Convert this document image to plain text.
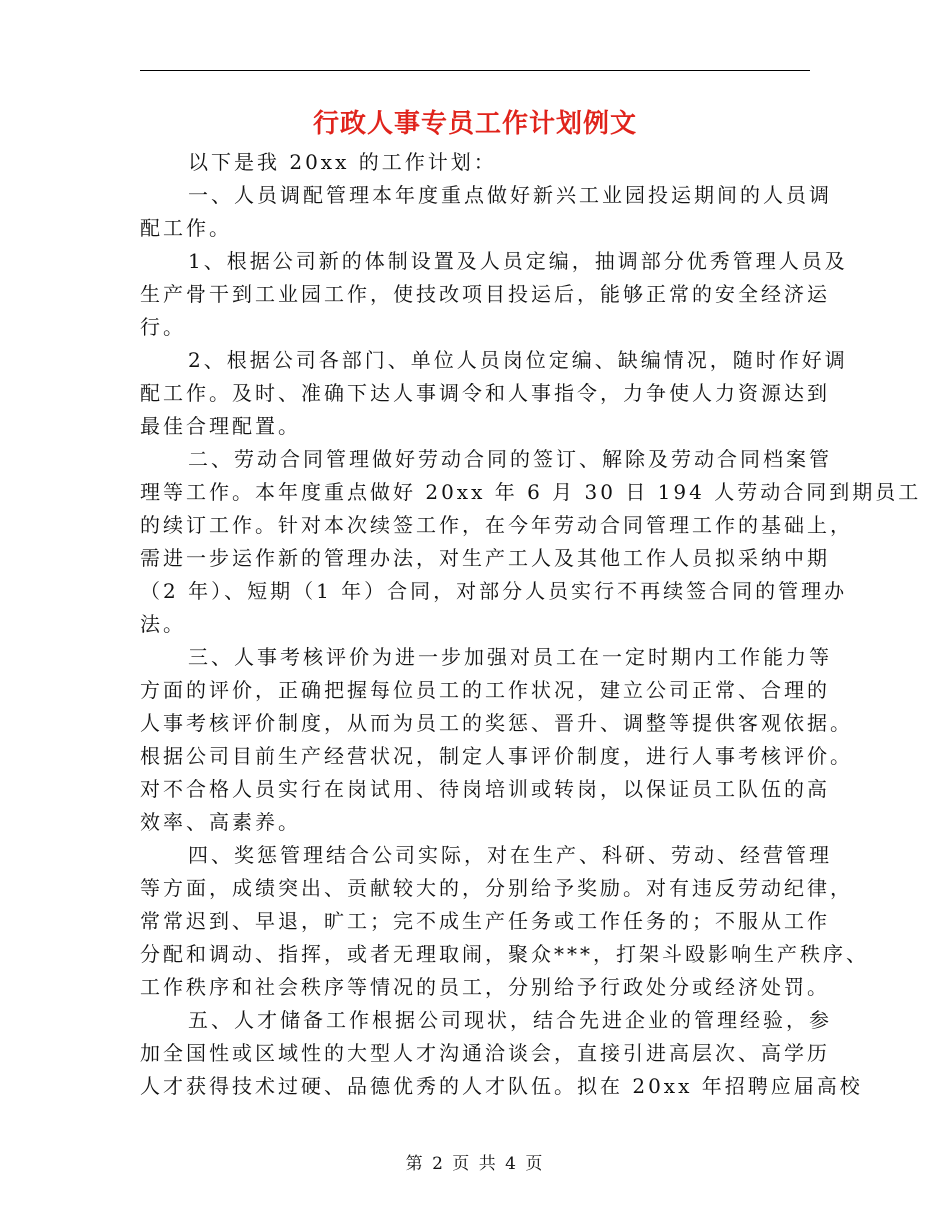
行政人事专员工作计划例文
以下是我 20xx 的工作计划：
一、人员调配管理本年度重点做好新兴工业园投运期间的人员调
配工作。
1、根据公司新的体制设置及人员定编，抽调部分优秀管理人员及
生产骨干到工业园工作，使技改项目投运后，能够正常的安全经济运
行。
2、根据公司各部门、单位人员岗位定编、缺编情况，随时作好调
配工作。及时、准确下达人事调令和人事指令，力争使人力资源达到
最佳合理配置。
二、劳动合同管理做好劳动合同的签订、解除及劳动合同档案管
理等工作。本年度重点做好 20xx 年 6 月 30 日 194 人劳动合同到期员工
的续订工作。针对本次续签工作，在今年劳动合同管理工作的基础上，
需进一步运作新的管理办法，对生产工人及其他工作人员拟采纳中期
（2 年）、短期（1 年）合同，对部分人员实行不再续签合同的管理办
法。
三、人事考核评价为进一步加强对员工在一定时期内工作能力等
方面的评价，正确把握每位员工的工作状况，建立公司正常、合理的
人事考核评价制度，从而为员工的奖惩、晋升、调整等提供客观依据。
根据公司目前生产经营状况，制定人事评价制度，进行人事考核评价。
对不合格人员实行在岗试用、待岗培训或转岗，以保证员工队伍的高
效率、高素养。
四、奖惩管理结合公司实际，对在生产、科研、劳动、经营管理
等方面，成绩突出、贡献较大的，分别给予奖励。对有违反劳动纪律，
常常迟到、早退，旷工；完不成生产任务或工作任务的；不服从工作
分配和调动、指挥，或者无理取闹，聚众***，打架斗殴影响生产秩序、
工作秩序和社会秩序等情况的员工，分别给予行政处分或经济处罚。
五、人才储备工作根据公司现状，结合先进企业的管理经验，参
加全国性或区域性的大型人才沟通洽谈会，直接引进高层次、高学历
人才获得技术过硬、品德优秀的人才队伍。拟在 20xx 年招聘应届高校
第 2 页 共 4 页
